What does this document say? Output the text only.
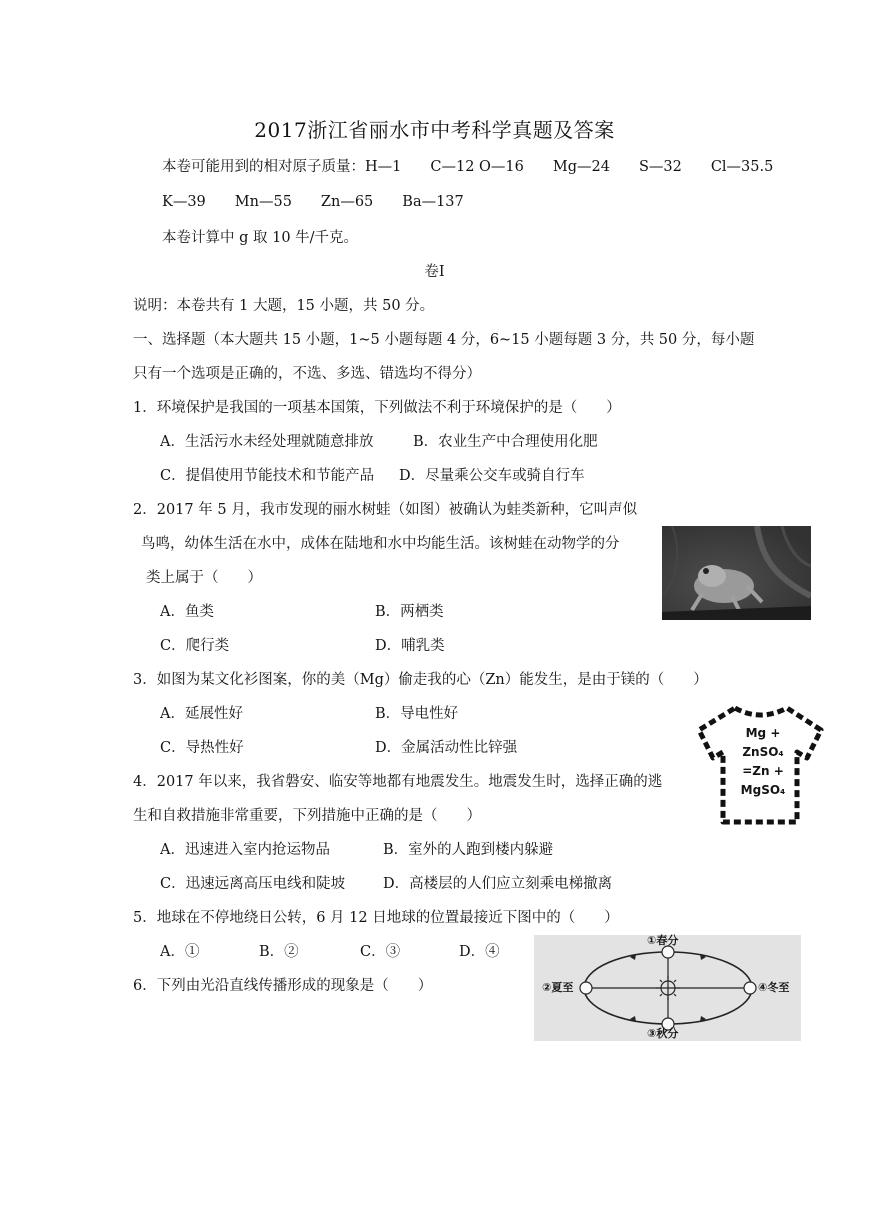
2017浙江省丽水市中考科学真题及答案
本卷可能用到的相对原子质量：H—1　　C—12 O—16　　Mg—24　　S—32　　Cl—35.5
K—39　　Mn—55　　Zn—65　　Ba—137
本卷计算中 g 取 10 牛/千克。
卷Ⅰ
说明：本卷共有 1 大题，15 小题，共 50 分。
一、选择题（本大题共 15 小题，1~5 小题每题 4 分，6~15 小题每题 3 分，共 50 分，每小题
只有一个选项是正确的，不选、多选、错选均不得分）
1．环境保护是我国的一项基本国策，下列做法不利于环境保护的是（　　）
A．生活污水未经处理就随意排放	B．农业生产中合理使用化肥
C．提倡使用节能技术和节能产品 D．尽量乘公交车或骑自行车
2．2017 年 5 月，我市发现的丽水树蛙（如图）被确认为蛙类新种，它叫声似
鸟鸣，幼体生活在水中，成体在陆地和水中均能生活。该树蛙在动物学的分
类上属于（　　）
A．鱼类	B．两栖类
C．爬行类	D．哺乳类
3．如图为某文化衫图案，你的美（Mg）偷走我的心（Zn）能发生，是由于镁的（　　）
A．延展性好	B．导电性好
C．导热性好	D．金属活动性比锌强
Mg +
ZnSO₄
=Zn +
MgSO₄
4．2017 年以来，我省磐安、临安等地都有地震发生。地震发生时，选择正确的逃
生和自救措施非常重要，下列措施中正确的是（　　）
A．迅速进入室内抢运物品	B．室外的人跑到楼内躲避
C．迅速远离高压电线和陡坡	D．高楼层的人们应立刻乘电梯撤离
5．地球在不停地绕日公转，6 月 12 日地球的位置最接近下图中的（　　）
A．①	B．②	C．③	D．④
①春分
②夏至
③秋分
④冬至
6．下列由光沿直线传播形成的现象是（　　）
